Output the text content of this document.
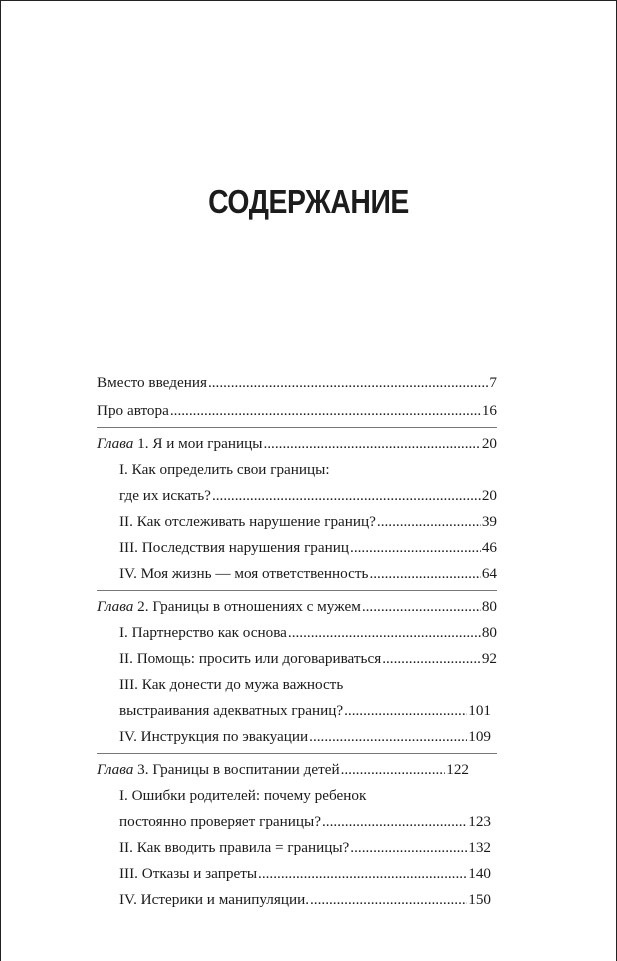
СОДЕРЖАНИЕ
Вместо введения .....	7
Про автора .....	16
Глава 1. Я и мои границы .....	20
I. Как определить свои границы:
где их искать? .....	20
II. Как отслеживать нарушение границ? .....	39
III. Последствия нарушения границ .....	46
IV. Моя жизнь — моя ответственность .....	64
Глава 2. Границы в отношениях с мужем .....	80
I. Партнерство как основа .....	80
II. Помощь: просить или договариваться .....	92
III. Как донести до мужа важность
выстраивания адекватных границ? .....	101
IV. Инструкция по эвакуации .....	109
Глава 3. Границы в воспитании детей .....	122
I. Ошибки родителей: почему ребенок
постоянно проверяет границы? .....	123
II. Как вводить правила = границы? .....	132
III. Отказы и запреты .....	140
IV. Истерики и манипуляции. .....	150
